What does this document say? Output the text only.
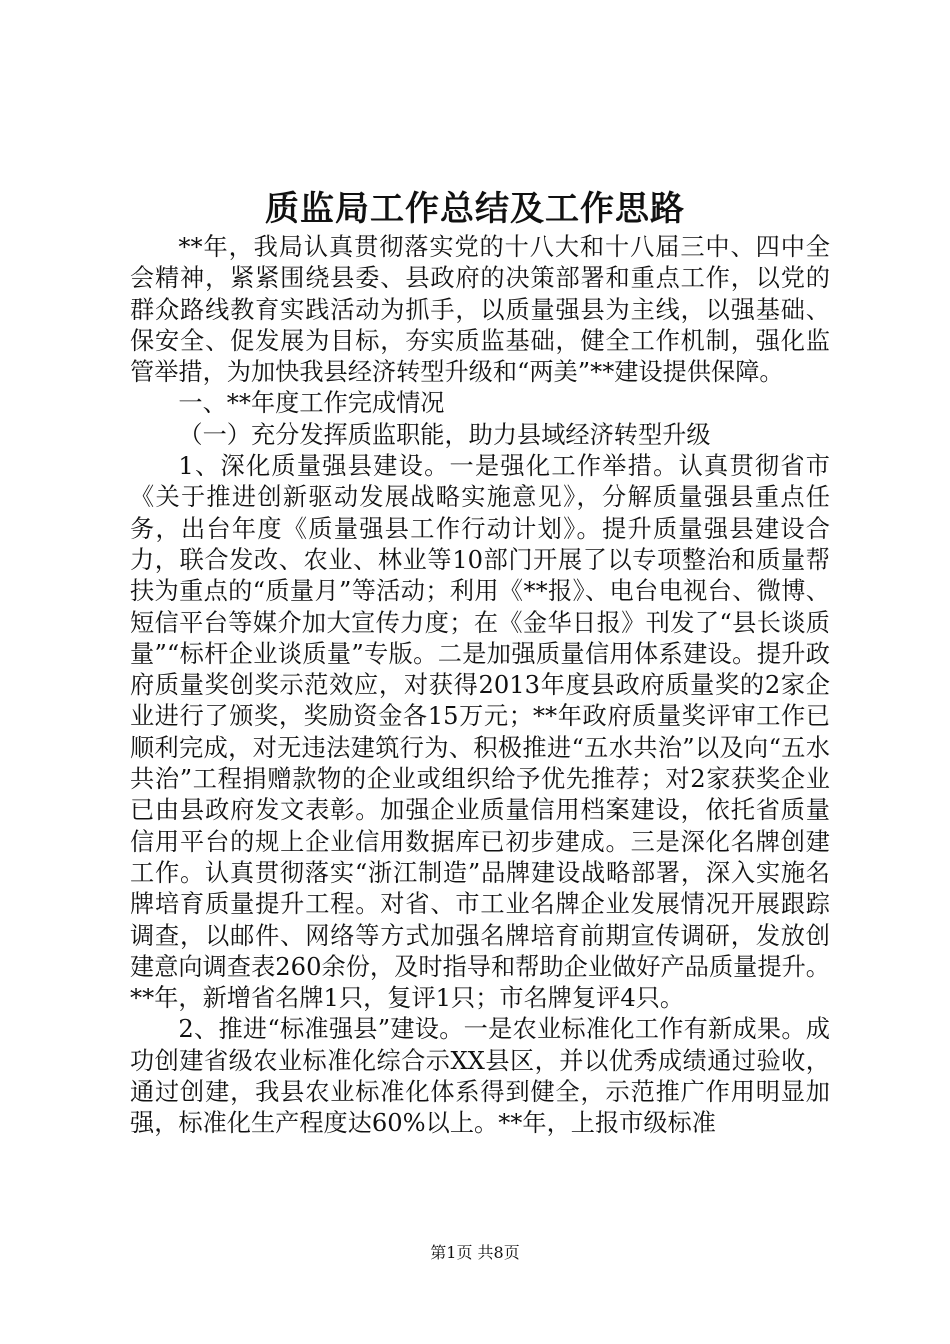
质监局工作总结及工作思路

**年，我局认真贯彻落实党的十八大和十八届三中、四中全会精神，紧紧围绕县委、县政府的决策部署和重点工作，以党的群众路线教育实践活动为抓手，以质量强县为主线，以强基础、保安全、促发展为目标，夯实质监基础，健全工作机制，强化监管举措，为加快我县经济转型升级和“两美”**建设提供保障。

一、**年度工作完成情况

（一）充分发挥质监职能，助力县域经济转型升级

1、深化质量强县建设。一是强化工作举措。认真贯彻省市《关于推进创新驱动发展战略实施意见》，分解质量强县重点任务，出台年度《质量强县工作行动计划》。提升质量强县建设合力，联合发改、农业、林业等10部门开展了以专项整治和质量帮扶为重点的“质量月”等活动；利用《**报》、电台电视台、微博、短信平台等媒介加大宣传力度；在《金华日报》刊发了“县长谈质量”“标杆企业谈质量”专版。二是加强质量信用体系建设。提升政府质量奖创奖示范效应，对获得2013年度县政府质量奖的2家企业进行了颁奖，奖励资金各15万元；**年政府质量奖评审工作已顺利完成，对无违法建筑行为、积极推进“五水共治”以及向“五水共治”工程捐赠款物的企业或组织给予优先推荐；对2家获奖企业已由县政府发文表彰。加强企业质量信用档案建设，依托省质量信用平台的规上企业信用数据库已初步建成。三是深化名牌创建工作。认真贯彻落实“浙江制造”品牌建设战略部署，深入实施名牌培育质量提升工程。对省、市工业名牌企业发展情况开展跟踪调查，以邮件、网络等方式加强名牌培育前期宣传调研，发放创建意向调查表260余份，及时指导和帮助企业做好产品质量提升。**年，新增省名牌1只，复评1只；市名牌复评4只。

2、推进“标准强县”建设。一是农业标准化工作有新成果。成功创建省级农业标准化综合示XX县区，并以优秀成绩通过验收，通过创建，我县农业标准化体系得到健全，示范推广作用明显加强，标准化生产程度达60%以上。**年，上报市级标准

第1页 共8页
